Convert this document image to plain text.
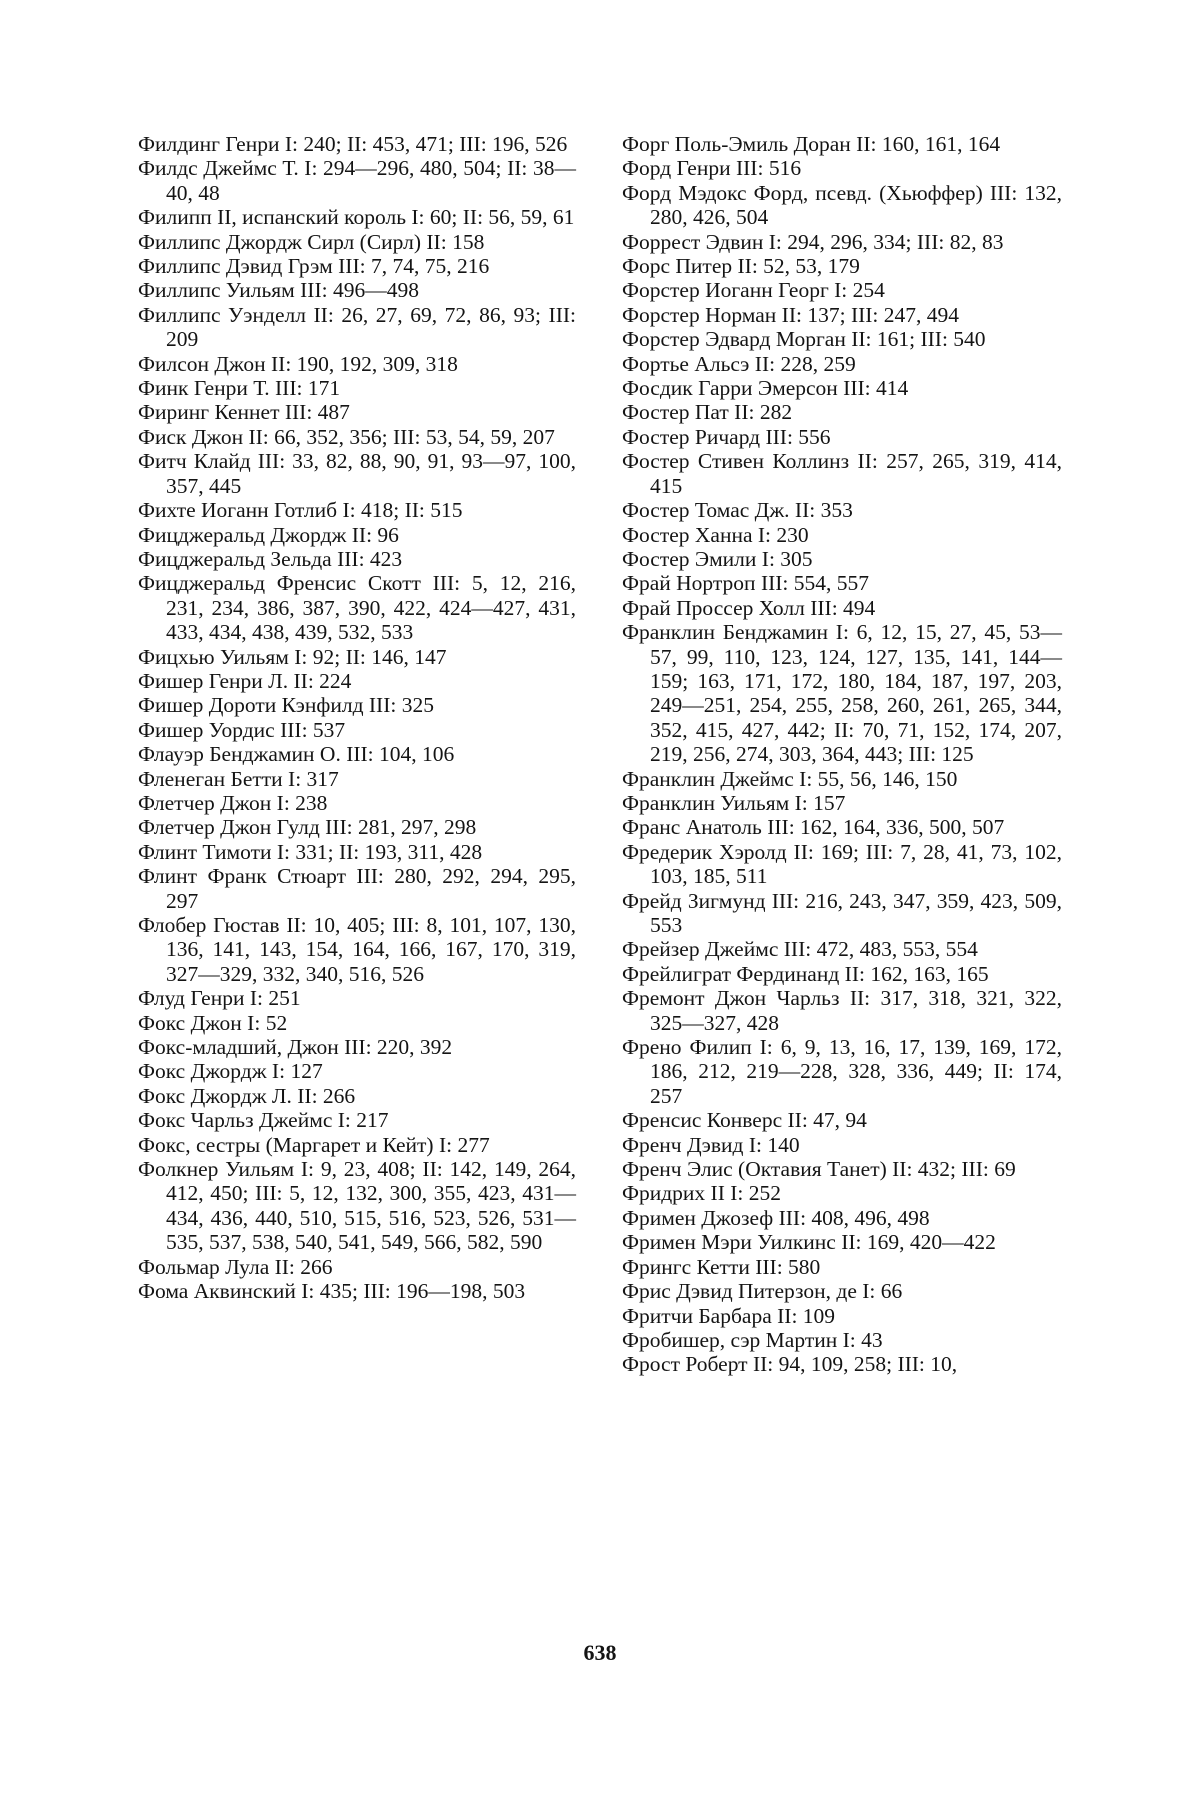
Филдинг Генри I: 240; II: 453, 471; III: 196, 526

Филдс Джеймс Т. I: 294—296, 480, 504; II: 38—40, 48

Филипп II, испанский король I: 60; II: 56, 59, 61

Филлипс Джордж Сирл (Сирл) II: 158

Филлипс Дэвид Грэм III: 7, 74, 75, 216

Филлипс Уильям III: 496—498

Филлипс Уэнделл II: 26, 27, 69, 72, 86, 93; III: 209

Филсон Джон II: 190, 192, 309, 318

Финк Генри Т. III: 171

Фиринг Кеннет III: 487

Фиск Джон II: 66, 352, 356; III: 53, 54, 59, 207

Фитч Клайд III: 33, 82, 88, 90, 91, 93—97, 100, 357, 445

Фихте Иоганн Готлиб I: 418; II: 515

Фицджеральд Джордж II: 96

Фицджеральд Зельда III: 423

Фицджеральд Френсис Скотт III: 5, 12, 216, 231, 234, 386, 387, 390, 422, 424—427, 431, 433, 434, 438, 439, 532, 533

Фицхью Уильям I: 92; II: 146, 147

Фишер Генри Л. II: 224

Фишер Дороти Кэнфилд III: 325

Фишер Уордис III: 537

Флауэр Бенджамин О. III: 104, 106

Фленеган Бетти I: 317

Флетчер Джон I: 238

Флетчер Джон Гулд III: 281, 297, 298

Флинт Тимоти I: 331; II: 193, 311, 428

Флинт Франк Стюарт III: 280, 292, 294, 295, 297

Флобер Гюстав II: 10, 405; III: 8, 101, 107, 130, 136, 141, 143, 154, 164, 166, 167, 170, 319, 327—329, 332, 340, 516, 526

Флуд Генри I: 251

Фокс Джон I: 52

Фокс-младший, Джон III: 220, 392

Фокс Джордж I: 127

Фокс Джордж Л. II: 266

Фокс Чарльз Джеймс I: 217

Фокс, сестры (Маргарет и Кейт) I: 277

Фолкнер Уильям I: 9, 23, 408; II: 142, 149, 264, 412, 450; III: 5, 12, 132, 300, 355, 423, 431—434, 436, 440, 510, 515, 516, 523, 526, 531—535, 537, 538, 540, 541, 549, 566, 582, 590

Фольмар Лула II: 266

Фома Аквинский I: 435; III: 196—198, 503

Форг Поль-Эмиль Доран II: 160, 161, 164

Форд Генри III: 516

Форд Мэдокс Форд, псевд. (Хьюффер) III: 132, 280, 426, 504

Форрест Эдвин I: 294, 296, 334; III: 82, 83

Форс Питер II: 52, 53, 179

Форстер Иоганн Георг I: 254

Форстер Норман II: 137; III: 247, 494

Форстер Эдвард Морган II: 161; III: 540

Фортье Альсэ II: 228, 259

Фосдик Гарри Эмерсон III: 414

Фостер Пат II: 282

Фостер Ричард III: 556

Фостер Стивен Коллинз II: 257, 265, 319, 414, 415

Фостер Томас Дж. II: 353

Фостер Ханна I: 230

Фостер Эмили I: 305

Фрай Нортроп III: 554, 557

Фрай Проссер Холл III: 494

Франклин Бенджамин I: 6, 12, 15, 27, 45, 53—57, 99, 110, 123, 124, 127, 135, 141, 144—159; 163, 171, 172, 180, 184, 187, 197, 203, 249—251, 254, 255, 258, 260, 261, 265, 344, 352, 415, 427, 442; II: 70, 71, 152, 174, 207, 219, 256, 274, 303, 364, 443; III: 125

Франклин Джеймс I: 55, 56, 146, 150

Франклин Уильям I: 157

Франс Анатоль III: 162, 164, 336, 500, 507

Фредерик Хэролд II: 169; III: 7, 28, 41, 73, 102, 103, 185, 511

Фрейд Зигмунд III: 216, 243, 347, 359, 423, 509, 553

Фрейзер Джеймс III: 472, 483, 553, 554

Фрейлиграт Фердинанд II: 162, 163, 165

Фремонт Джон Чарльз II: 317, 318, 321, 322, 325—327, 428

Френо Филип I: 6, 9, 13, 16, 17, 139, 169, 172, 186, 212, 219—228, 328, 336, 449; II: 174, 257

Френсис Конверс II: 47, 94

Френч Дэвид I: 140

Френч Элис (Октавия Танет) II: 432; III: 69

Фридрих II I: 252

Фримен Джозеф III: 408, 496, 498

Фримен Мэри Уилкинс II: 169, 420—422

Фрингс Кетти III: 580

Фрис Дэвид Питерзон, де I: 66

Фритчи Барбара II: 109

Фробишер, сэр Мартин I: 43

Фрост Роберт II: 94, 109, 258; III: 10,

638
